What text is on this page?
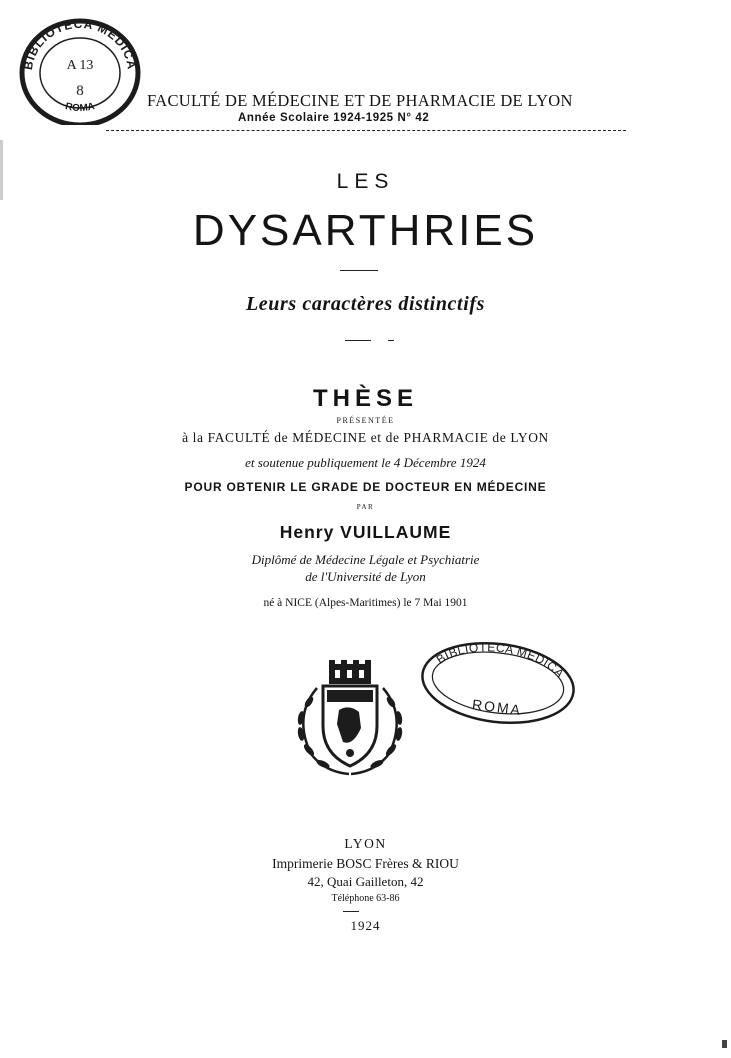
BIBLIOTECA MEDICA
ROMA
A 13
8	FACULTÉ DE MÉDECINE ET DE PHARMACIE DE LYON
Année Scolaire 1924-1925 N° 42
LES
DYSARTHRIES
Leurs caractères distinctifs
THÈSE
PRÉSENTÉE
à la FACULTÉ de MÉDECINE et de PHARMACIE de LYON
et soutenue publiquement le 4 Décembre 1924
POUR OBTENIR LE GRADE DE DOCTEUR EN MÉDECINE
PAR
Henry VUILLAUME
Diplômé de Médecine Légale et Psychiatrie
de l'Université de Lyon
né à NICE (Alpes-Maritimes) le 7 Mai 1901
BIBLIOTECA MEDICA
ROMA
LYON
Imprimerie BOSC Frères & RIOU
42, Quai Gailleton, 42
Téléphone 63-86
1924
